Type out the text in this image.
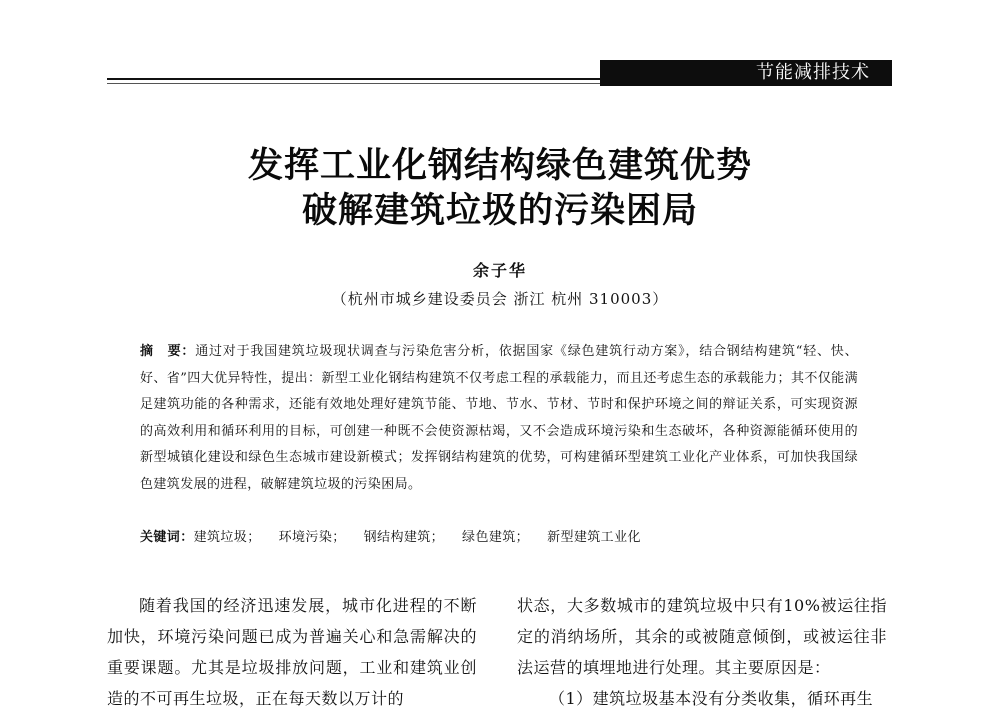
节能减排技术
发挥工业化钢结构绿色建筑优势
破解建筑垃圾的污染困局
余子华
（杭州市城乡建设委员会 浙江 杭州 310003）
摘　要：通过对于我国建筑垃圾现状调查与污染危害分析，依据国家《绿色建筑行动方案》，结合钢结构建筑“轻、快、好、省”四大优异特性，提出：新型工业化钢结构建筑不仅考虑工程的承载能力，而且还考虑生态的承载能力；其不仅能满足建筑功能的各种需求，还能有效地处理好建筑节能、节地、节水、节材、节时和保护环境之间的辩证关系，可实现资源的高效利用和循环利用的目标，可创建一种既不会使资源枯竭，又不会造成环境污染和生态破坏，各种资源能循环使用的新型城镇化建设和绿色生态城市建设新模式；发挥钢结构建筑的优势，可构建循环型建筑工业化产业体系，可加快我国绿色建筑发展的进程，破解建筑垃圾的污染困局。
关键词：建筑垃圾； 环境污染； 钢结构建筑； 绿色建筑； 新型建筑工业化

随着我国的经济迅速发展，城市化进程的不断加快，环境污染问题已成为普遍关心和急需解决的重要课题。尤其是垃圾排放问题，工业和建筑业创造的不可再生垃圾，正在每天数以万计的

状态，大多数城市的建筑垃圾中只有10%被运往指定的消纳场所，其余的或被随意倾倒，或被运往非法运营的填埋地进行处理。其主要原因是：

（1）建筑垃圾基本没有分类收集，循环再生
